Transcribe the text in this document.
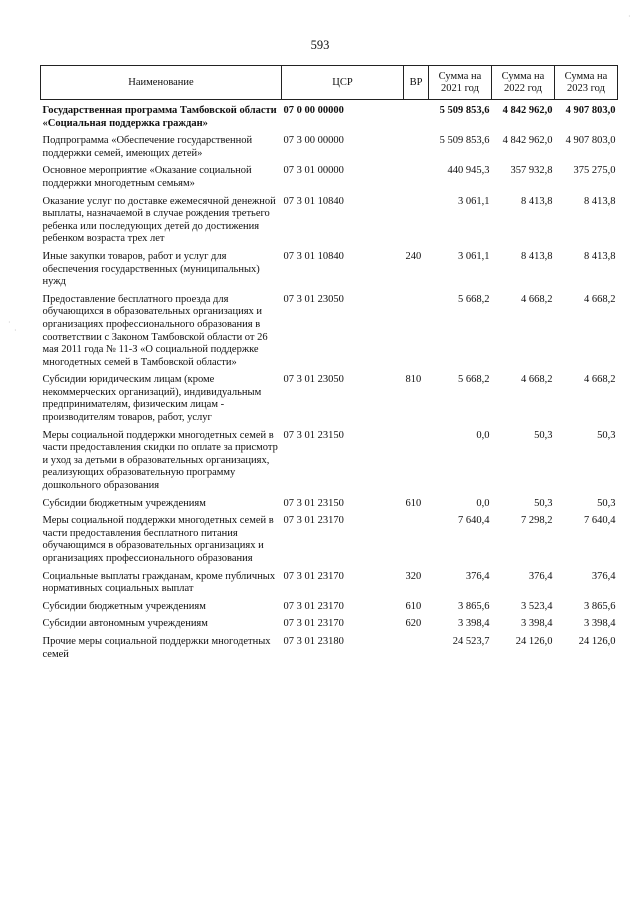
593
Наименование	ЦСР	ВР	Сумма на 2021 год	Сумма на 2022 год	Сумма на 2023 год
Государственная программа Тамбовской области «Социальная поддержка граждан»	07 0 00 00000		5 509 853,6	4 842 962,0	4 907 803,0
Подпрограмма «Обеспечение государственной поддержки семей, имеющих детей»	07 3 00 00000		5 509 853,6	4 842 962,0	4 907 803,0
Основное мероприятие «Оказание социальной поддержки многодетным семьям»	07 3 01 00000		440 945,3	357 932,8	375 275,0
Оказание услуг по доставке ежемесячной денежной выплаты, назначаемой в случае рождения третьего ребенка или последующих детей до достижения ребенком возраста трех лет	07 3 01 10840		3 061,1	8 413,8	8 413,8
Иные закупки товаров, работ и услуг для обеспечения государственных (муниципальных) нужд	07 3 01 10840	240	3 061,1	8 413,8	8 413,8
Предоставление бесплатного проезда для обучающихся в образовательных организациях и организациях профессионального образования в соответствии с Законом Тамбовской области от 26 мая 2011 года № 11-З «О социальной поддержке многодетных семей в Тамбовской области»	07 3 01 23050		5 668,2	4 668,2	4 668,2
Субсидии юридическим лицам (кроме некоммерческих организаций), индивидуальным предпринимателям, физическим лицам - производителям товаров, работ, услуг	07 3 01 23050	810	5 668,2	4 668,2	4 668,2
Меры социальной поддержки многодетных семей в части предоставления скидки по оплате за присмотр и уход за детьми в образовательных организациях, реализующих образовательную программу дошкольного образования	07 3 01 23150		0,0	50,3	50,3
Субсидии бюджетным учреждениям	07 3 01 23150	610	0,0	50,3	50,3
Меры социальной поддержки многодетных семей в части предоставления бесплатного питания обучающимся в образовательных организациях и организациях профессионального образования	07 3 01 23170		7 640,4	7 298,2	7 640,4
Социальные выплаты гражданам, кроме публичных нормативных социальных выплат	07 3 01 23170	320	376,4	376,4	376,4
Субсидии бюджетным учреждениям	07 3 01 23170	610	3 865,6	3 523,4	3 865,6
Субсидии автономным учреждениям	07 3 01 23170	620	3 398,4	3 398,4	3 398,4
Прочие меры социальной поддержки многодетных семей	07 3 01 23180		24 523,7	24 126,0	24 126,0
·
·
·
